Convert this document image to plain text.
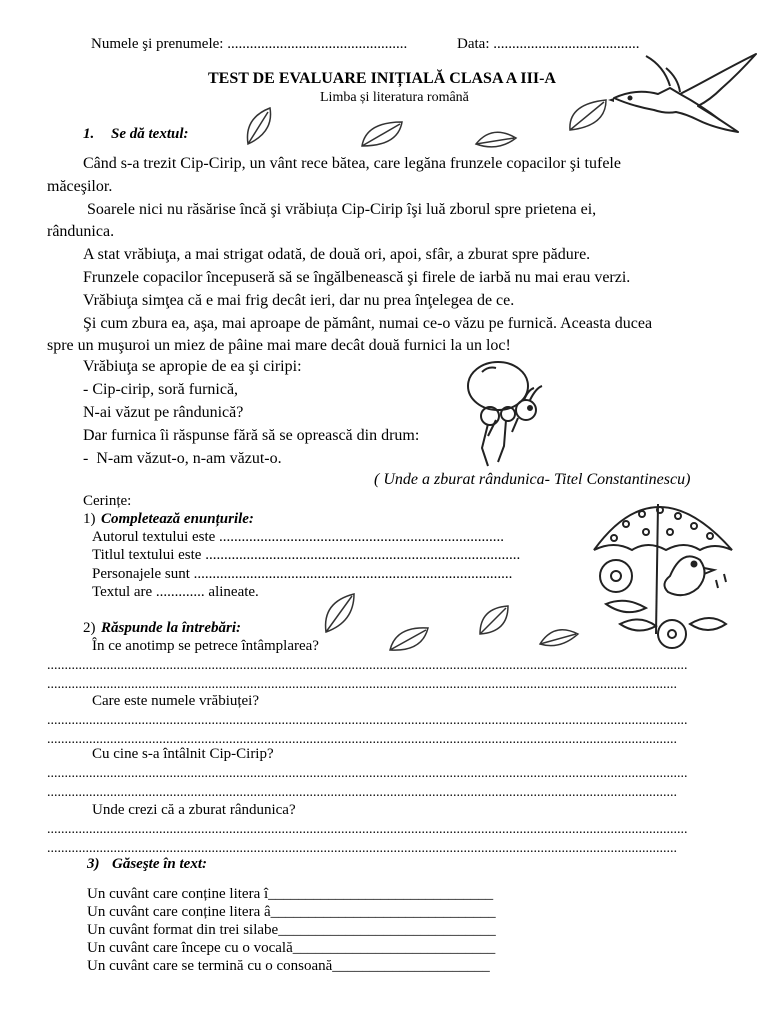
Numele şi prenumele: ................................................	Data: .......................................
TEST DE EVALUARE INIȚIALĂ CLASA A III-A
Limba și literatura română
1. Se dă textul:
Când s-a trezit Cip-Cirip, un vânt rece bătea, care legăna frunzele copacilor şi tufele
măceşilor.
Soarele nici nu răsărise încă şi vrăbiuța Cip-Cirip îşi luă zborul spre prietena ei,
rândunica.
A stat vrăbiuţa, a mai strigat odată, de două ori, apoi, sfâr, a zburat spre pădure.
Frunzele copacilor începuseră să se îngălbenească şi firele de iarbă nu mai erau verzi.
Vrăbiuţa simţea că e mai frig decât ieri, dar nu prea înţelegea de ce.
Şi cum zbura ea, aşa, mai aproape de pământ, numai ce-o văzu pe furnică. Aceasta ducea
spre un muşuroi un miez de pâine mai mare decât două furnici la un loc!
Vrăbiuţa se apropie de ea şi ciripi:
- Cip-cirip, soră furnică,
N-ai văzut pe rândunică?
Dar furnica îi răspunse fără să se oprească din drum:
-  N-am văzut-o, n-am văzut-o.
( Unde a zburat rândunica- Titel Constantinescu)
Cerințe:
1) Completează enunțurile:
Autorul textului este ............................................................................
Titlul textului este ....................................................................................
Personajele sunt .....................................................................................
Textul are ............. alineate.
2) Răspunde la întrebări:
În ce anotimp se petrece întâmplarea?
.......................................................................................................................................................................................
....................................................................................................................................................................................
Care este numele vrăbiuței?
.......................................................................................................................................................................................
....................................................................................................................................................................................
Cu cine s-a întâlnit Cip-Cirip?
.......................................................................................................................................................................................
....................................................................................................................................................................................
Unde crezi că a zburat rândunica?
.......................................................................................................................................................................................
....................................................................................................................................................................................
3) Găseşte în text:
Un cuvânt care conține litera î______________________________
Un cuvânt care conține litera â______________________________
Un cuvânt format din trei silabe_____________________________
Un cuvânt care începe cu o vocală___________________________
Un cuvânt care se termină cu o consoană_____________________
